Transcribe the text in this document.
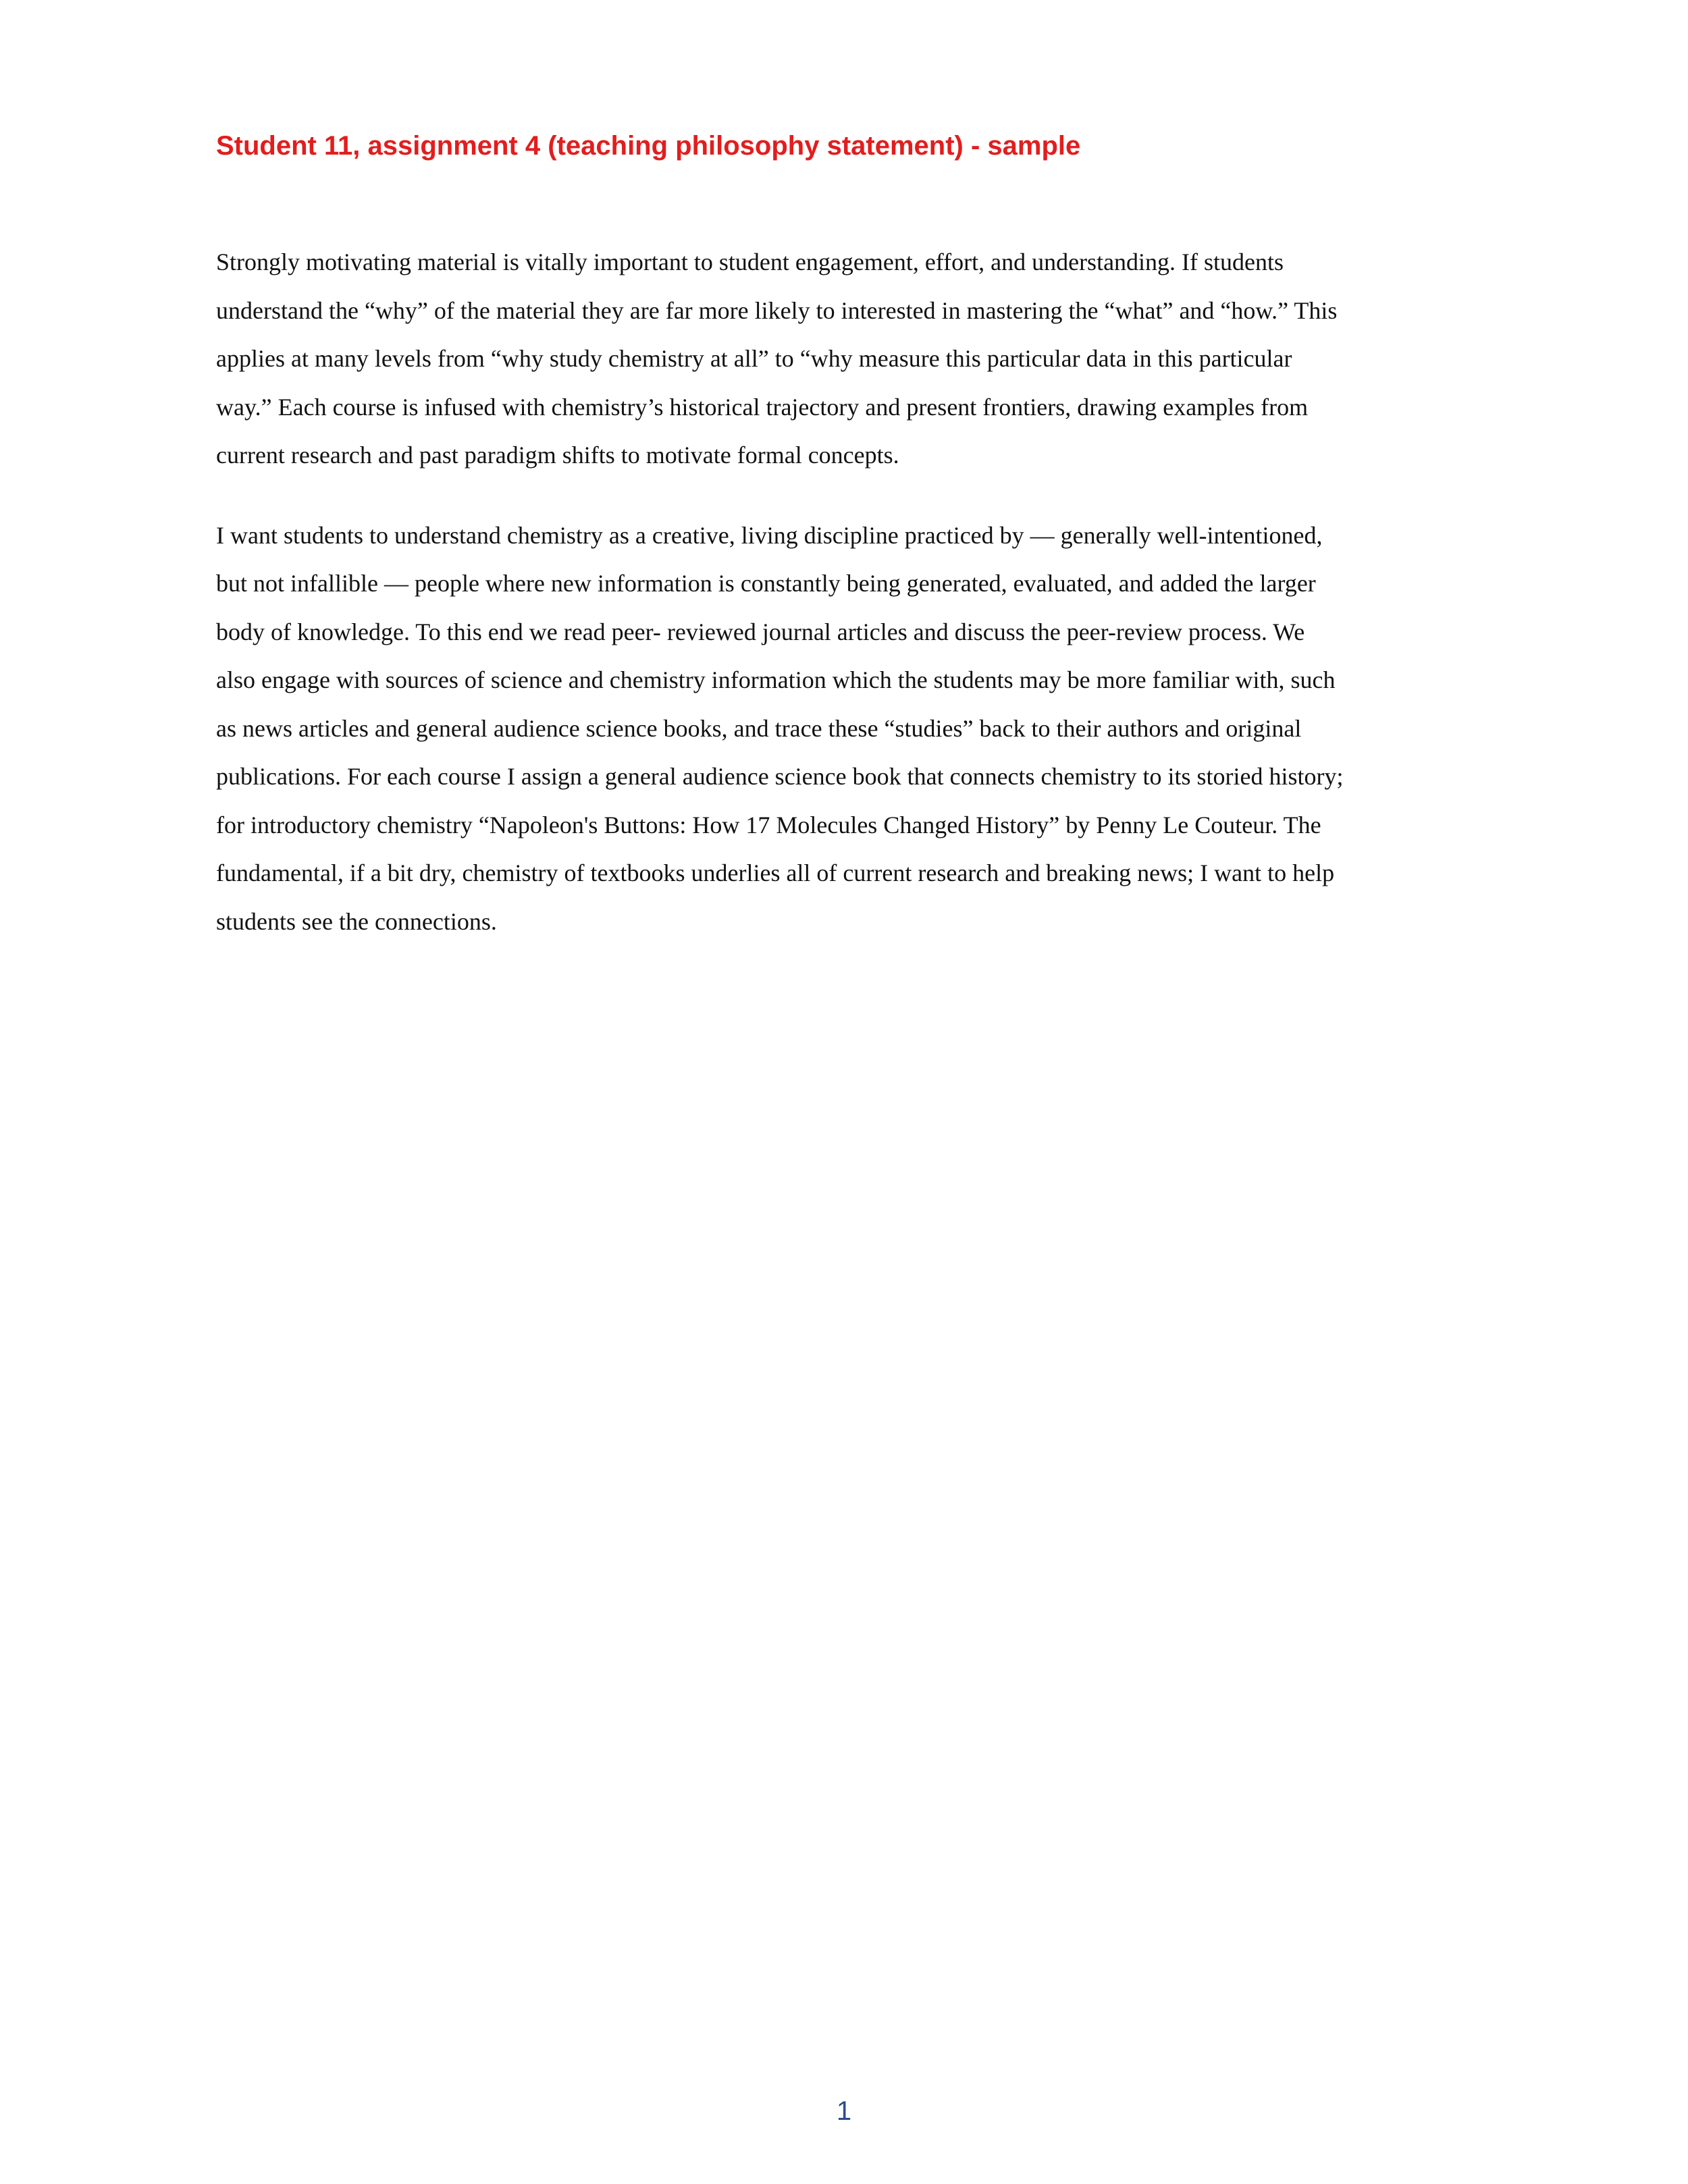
Student 11, assignment 4 (teaching philosophy statement) - sample

Strongly motivating material is vitally important to student engagement, effort, and understanding. If students
understand the “why” of the material they are far more likely to interested in mastering the “what” and “how.” This
applies at many levels from “why study chemistry at all” to “why measure this particular data in this particular
way.” Each course is infused with chemistry’s historical trajectory and present frontiers, drawing examples from
current research and past paradigm shifts to motivate formal concepts.

I want students to understand chemistry as a creative, living discipline practiced by — generally well-intentioned,
but not infallible — people where new information is constantly being generated, evaluated, and added the larger
body of knowledge. To this end we read peer- reviewed journal articles and discuss the peer-review process. We
also engage with sources of science and chemistry information which the students may be more familiar with, such
as news articles and general audience science books, and trace these “studies” back to their authors and original
publications. For each course I assign a general audience science book that connects chemistry to its storied history;
for introductory chemistry “Napoleon's Buttons: How 17 Molecules Changed History” by Penny Le Couteur. The
fundamental, if a bit dry, chemistry of textbooks underlies all of current research and breaking news; I want to help
students see the connections.

1
